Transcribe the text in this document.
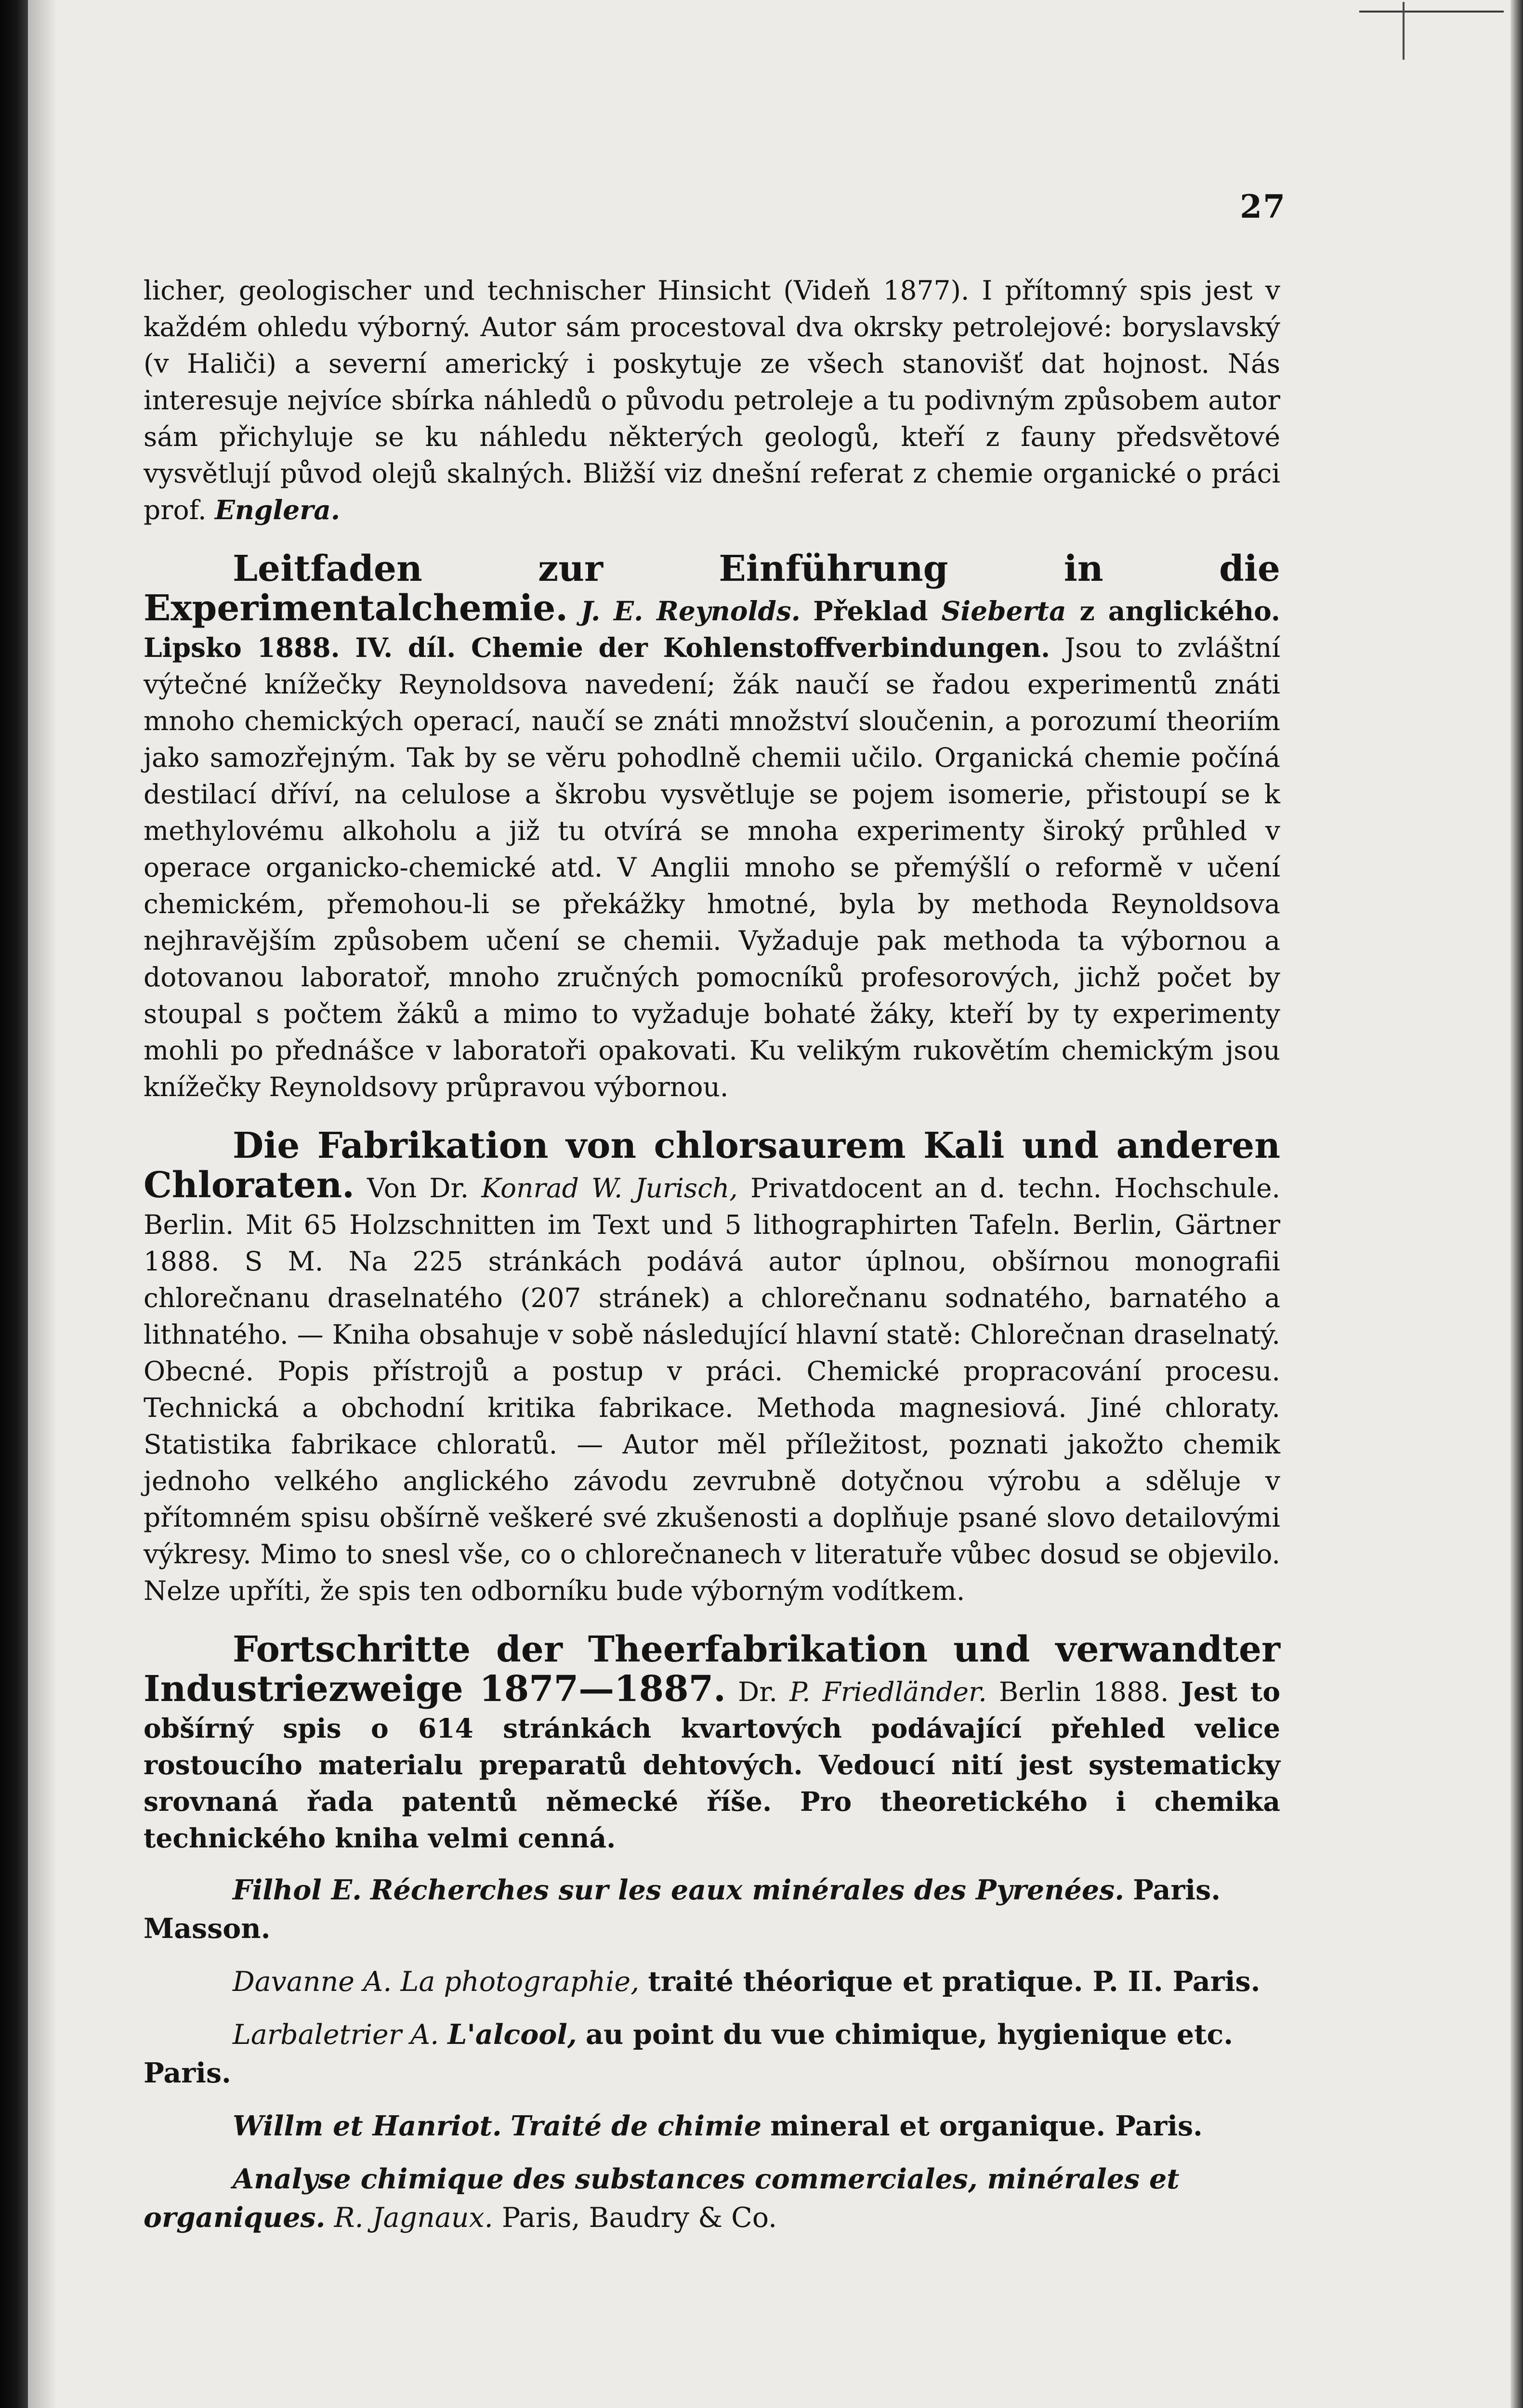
27

licher, geologischer und technischer Hinsicht (Videň 1877). I přítomný spis jest v každém ohledu výborný. Autor sám procestoval dva okrsky petrolejové: boryslavský (v Haliči) a severní americký i poskytuje ze všech stanovišť dat hojnost. Nás interesuje nejvíce sbírka náhledů o původu petroleje a tu podivným způsobem autor sám přichyluje se ku náhledu některých geologů, kteří z fauny předsvětové vysvětlují původ olejů skalných. Bližší viz dnešní referat z chemie organické o práci prof. Englera.

Leitfaden zur Einführung in die Experimentalchemie. J. E. Reynolds. Překlad Sieberta z anglického. Lipsko 1888. IV. díl. Chemie der Kohlenstoffverbindungen. Jsou to zvláštní výtečné knížečky Reynoldsova navedení; žák naučí se řadou experimentů znáti mnoho chemických operací, naučí se znáti množství sloučenin, a porozumí theoriím jako samozřejným. Tak by se věru pohodlně chemii učilo. Organická chemie počíná destilací dříví, na celulose a škrobu vysvětluje se pojem isomerie, přistoupí se k methylovému alkoholu a již tu otvírá se mnoha experimenty široký průhled v operace organicko-chemické atd. V Anglii mnoho se přemýšlí o reformě v učení chemickém, přemohou-li se překážky hmotné, byla by methoda Reynoldsova nejhravějším způsobem učení se chemii. Vyžaduje pak methoda ta výbornou a dotovanou laboratoř, mnoho zručných pomocníků profesorových, jichž počet by stoupal s počtem žáků a mimo to vyžaduje bohaté žáky, kteří by ty experimenty mohli po přednášce v laboratoři opakovati. Ku velikým rukovětím chemickým jsou knížečky Reynoldsovy průpravou výbornou.

Die Fabrikation von chlorsaurem Kali und anderen Chloraten. Von Dr. Konrad W. Jurisch, Privatdocent an d. techn. Hochschule. Berlin. Mit 65 Holzschnitten im Text und 5 lithographirten Tafeln. Berlin, Gärtner 1888. S M. Na 225 stránkách podává autor úplnou, obšírnou monografii chlorečnanu draselnatého (207 stránek) a chlorečnanu sodnatého, barnatého a lithnatého. — Kniha obsahuje v sobě následující hlavní statě: Chlorečnan draselnatý. Obecné. Popis přístrojů a postup v práci. Chemické propracování procesu. Technická a obchodní kritika fabrikace. Methoda magnesiová. Jiné chloraty. Statistika fabrikace chloratů. — Autor měl příležitost, poznati jakožto chemik jednoho velkého anglického závodu zevrubně dotyčnou výrobu a sděluje v přítomném spisu obšírně veškeré své zkušenosti a doplňuje psané slovo detailovými výkresy. Mimo to snesl vše, co o chlorečnanech v literatuře vůbec dosud se objevilo. Nelze upříti, že spis ten odborníku bude výborným vodítkem.

Fortschritte der Theerfabrikation und verwandter Industriezweige 1877—1887. Dr. P. Friedländer. Berlin 1888. Jest to obšírný spis o 614 stránkách kvartových podávající přehled velice rostoucího materialu preparatů dehtových. Vedoucí nití jest systematicky srovnaná řada patentů německé říše. Pro theoretického i chemika technického kniha velmi cenná.

Filhol E. Récherches sur les eaux minérales des Pyrenées. Paris. Masson.

Davanne A. La photographie, traité théorique et pratique. P. II. Paris.

Larbaletrier A. L'alcool, au point du vue chimique, hygienique etc. Paris.

Willm et Hanriot. Traité de chimie mineral et organique. Paris.

Analyse chimique des substances commerciales, minérales et organiques. R. Jagnaux. Paris, Baudry & Co.
